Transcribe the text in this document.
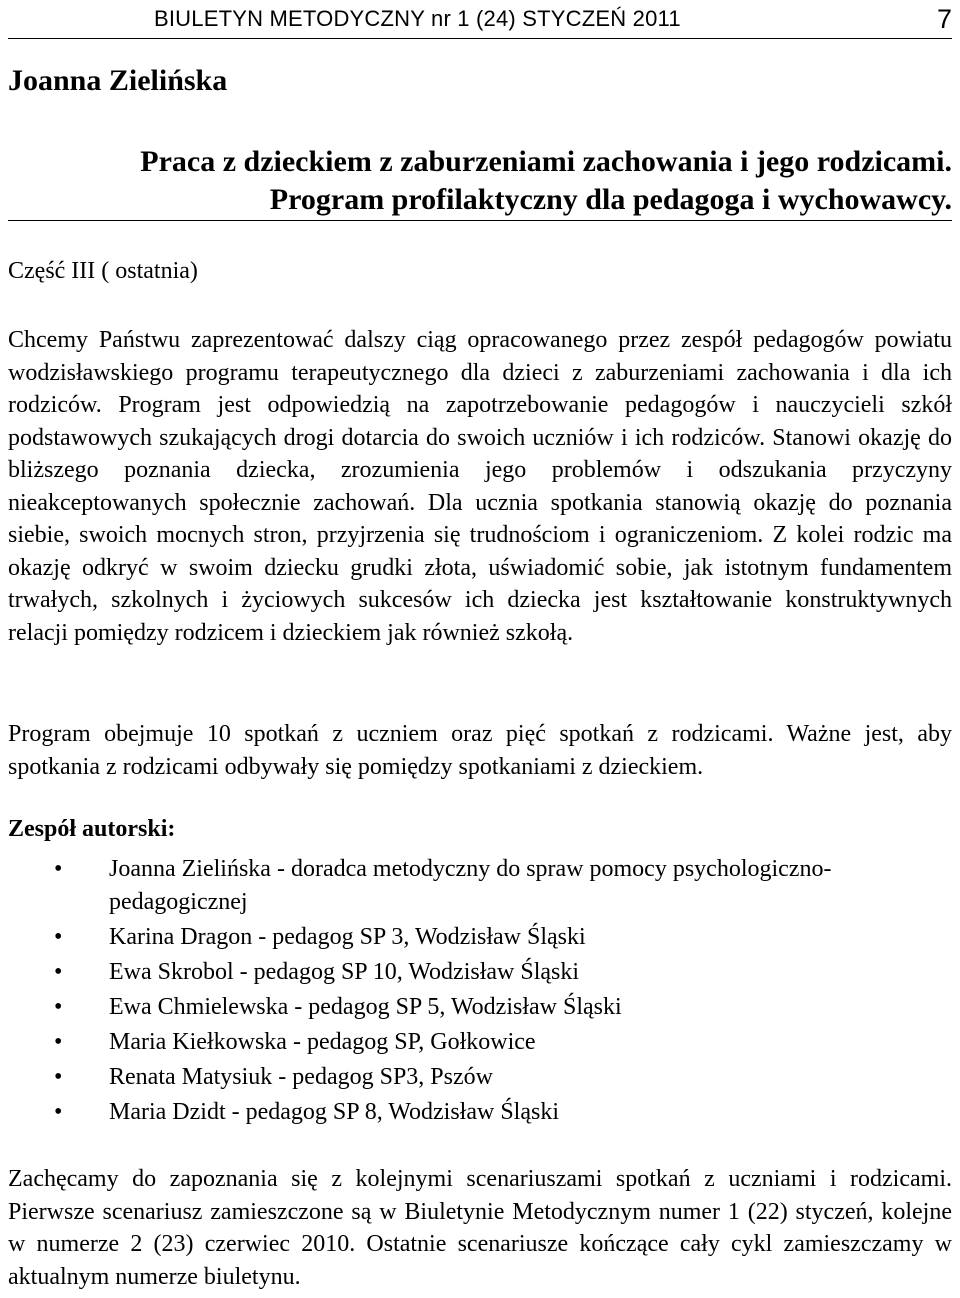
BIULETYN METODYCZNY nr 1 (24) STYCZEŃ 2011	7
Joanna Zielińska
Praca z dzieckiem z zaburzeniami zachowania i jego rodzicami.
Program profilaktyczny dla pedagoga i wychowawcy.
Część III ( ostatnia)

Chcemy Państwu zaprezentować dalszy ciąg opracowanego przez zespół pedagogów powiatu wodzisławskiego programu terapeutycznego dla dzieci z zaburzeniami zachowania i dla ich rodziców. Program jest odpowiedzią na zapotrzebowanie pedagogów i nauczycieli szkół podstawowych szukających drogi dotarcia do swoich uczniów i ich rodziców. Stanowi okazję do bliższego poznania dziecka, zrozumienia jego problemów i odszukania przyczyny nieakceptowanych społecznie zachowań. Dla ucznia spotkania stanowią okazję do poznania siebie, swoich mocnych stron, przyjrzenia się trudnościom i ograniczeniom. Z kolei rodzic ma okazję odkryć w swoim dziecku grudki złota, uświadomić sobie, jak istotnym fundamentem trwałych, szkolnych i życiowych sukcesów ich dziecka jest kształtowanie konstruktywnych relacji pomiędzy rodzicem i dzieckiem jak również szkołą.

Program obejmuje 10 spotkań z uczniem oraz pięć spotkań z rodzicami. Ważne jest, aby spotkania z rodzicami odbywały się pomiędzy spotkaniami z dzieckiem.

Zespół autorski:
• Joanna Zielińska - doradca metodyczny do spraw pomocy psychologiczno-pedagogicznej
• Karina Dragon - pedagog SP 3, Wodzisław Śląski
• Ewa Skrobol - pedagog SP 10, Wodzisław Śląski
• Ewa Chmielewska - pedagog SP 5, Wodzisław Śląski
• Maria Kiełkowska - pedagog SP, Gołkowice
• Renata Matysiuk - pedagog SP3, Pszów
• Maria Dzidt - pedagog SP 8, Wodzisław Śląski

Zachęcamy do zapoznania się z kolejnymi scenariuszami spotkań z uczniami i rodzicami. Pierwsze scenariusz zamieszczone są w Biuletynie Metodycznym numer 1 (22) styczeń, kolejne w numerze 2 (23) czerwiec 2010. Ostatnie scenariusze kończące cały cykl zamieszczamy w aktualnym numerze biuletynu.
